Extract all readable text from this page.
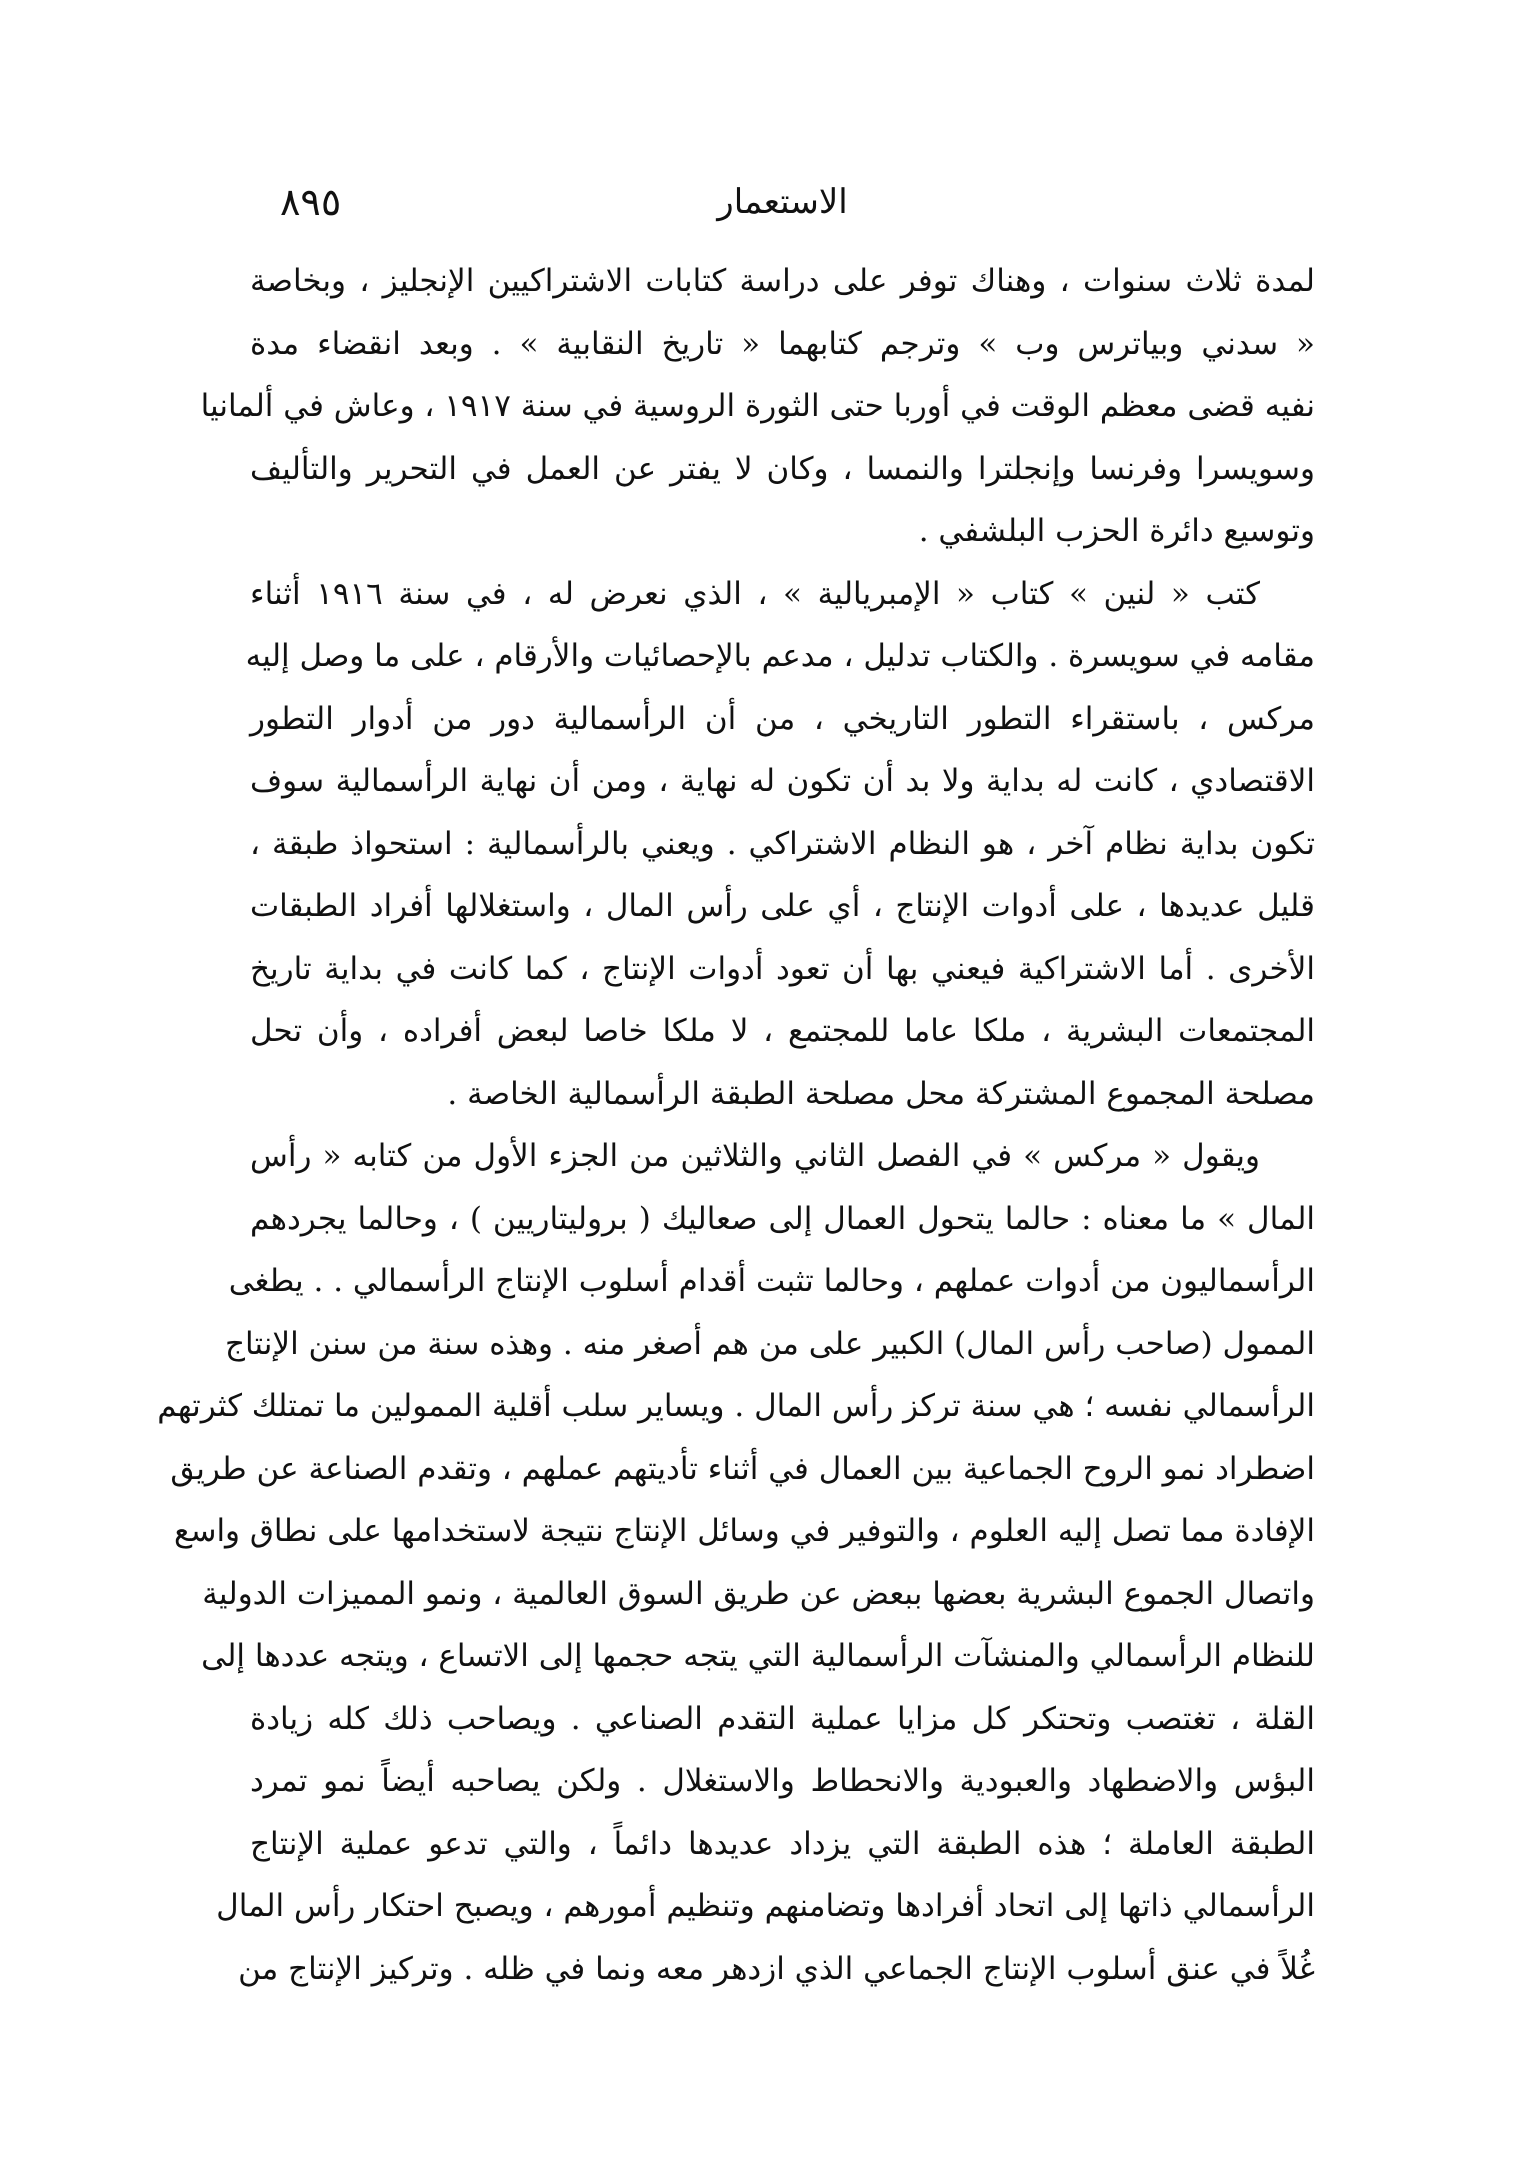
الاستعمار
٨٩٥
لمدة ثلاث سنوات ، وهناك توفر على دراسة كتابات الاشتراكيين الإنجليز ، وبخاصة
« سدني وبياترس وب » وترجم كتابهما « تاريخ النقابية » . وبعد انقضاء مدة
نفيه قضى معظم الوقت في أوربا حتى الثورة الروسية في سنة ١٩١٧ ، وعاش في ألمانيا
وسويسرا وفرنسا وإنجلترا والنمسا ، وكان لا يفتر عن العمل في التحرير والتأليف
وتوسيع دائرة الحزب البلشفي .
كتب « لنين » كتاب « الإمبريالية » ، الذي نعرض له ، في سنة ١٩١٦ أثناء
مقامه في سويسرة . والكتاب تدليل ، مدعم بالإحصائيات والأرقام ، على ما وصل إليه
مركس ، باستقراء التطور التاريخي ، من أن الرأسمالية دور من أدوار التطور
الاقتصادي ، كانت له بداية ولا بد أن تكون له نهاية ، ومن أن نهاية الرأسمالية سوف
تكون بداية نظام آخر ، هو النظام الاشتراكي . ويعني بالرأسمالية : استحواذ طبقة ،
قليل عديدها ، على أدوات الإنتاج ، أي على رأس المال ، واستغلالها أفراد الطبقات
الأخرى . أما الاشتراكية فيعني بها أن تعود أدوات الإنتاج ، كما كانت في بداية تاريخ
المجتمعات البشرية ، ملكا عاما للمجتمع ، لا ملكا خاصا لبعض أفراده ، وأن تحل
مصلحة المجموع المشتركة محل مصلحة الطبقة الرأسمالية الخاصة .
ويقول « مركس » في الفصل الثاني والثلاثين من الجزء الأول من كتابه « رأس
المال » ما معناه : حالما يتحول العمال إلى صعاليك ( بروليتاريين ) ، وحالما يجردهم
الرأسماليون من أدوات عملهم ، وحالما تثبت أقدام أسلوب الإنتاج الرأسمالي . . يطغى
الممول (صاحب رأس المال) الكبير على من هم أصغر منه . وهذه سنة من سنن الإنتاج
الرأسمالي نفسه ؛ هي سنة تركز رأس المال . ويساير سلب أقلية الممولين ما تمتلك كثرتهم
اضطراد نمو الروح الجماعية بين العمال في أثناء تأديتهم عملهم ، وتقدم الصناعة عن طريق
الإفادة مما تصل إليه العلوم ، والتوفير في وسائل الإنتاج نتيجة لاستخدامها على نطاق واسع
واتصال الجموع البشرية بعضها ببعض عن طريق السوق العالمية ، ونمو المميزات الدولية
للنظام الرأسمالي والمنشآت الرأسمالية التي يتجه حجمها إلى الاتساع ، ويتجه عددها إلى
القلة ، تغتصب وتحتكر كل مزايا عملية التقدم الصناعي . ويصاحب ذلك كله زيادة
البؤس والاضطهاد والعبودية والانحطاط والاستغلال . ولكن يصاحبه أيضاً نمو تمرد
الطبقة العاملة ؛ هذه الطبقة التي يزداد عديدها دائماً ، والتي تدعو عملية الإنتاج
الرأسمالي ذاتها إلى اتحاد أفرادها وتضامنهم وتنظيم أمورهم ، ويصبح احتكار رأس المال
غُلاً في عنق أسلوب الإنتاج الجماعي الذي ازدهر معه ونما في ظله . وتركيز الإنتاج من
